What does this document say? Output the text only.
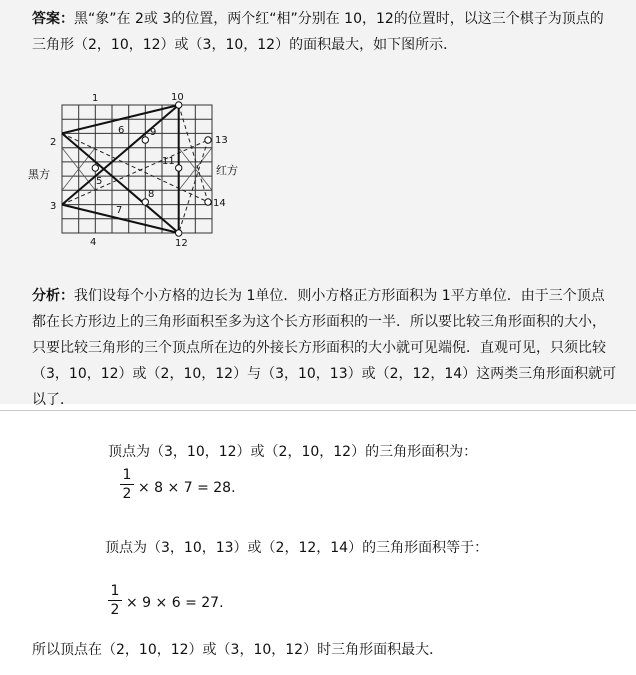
答案：黑“象”在 2或 3的位置，两个红“相”分别在 10，12的位置时，以这三个棋子为顶点的三角形（2，10，12）或（3，10，12）的面积最大，如下图所示．

1
2
3
4
5
6
7
8
9
10
11
12
13
14
黑方	红方

分析：我们设每个小方格的边长为 1单位．则小方格正方形面积为 1平方单位．由于三个顶点都在长方形边上的三角形面积至多为这个长方形面积的一半．所以要比较三角形面积的大小，只要比较三角形的三个顶点所在边的外接长方形面积的大小就可见端倪．直观可见，只须比较（3，10，12）或（2，10，12）与（3，10，13）或（2，12，14）这两类三角形面积就可以了．

顶点为（3，10，12）或（2，10，12）的三角形面积为：
1
2 × 8 × 7 = 28.
顶点为（3，10，13）或（2，12，14）的三角形面积等于：
1
2 × 9 × 6 = 27.
所以顶点在（2，10，12）或（3，10，12）时三角形面积最大．
